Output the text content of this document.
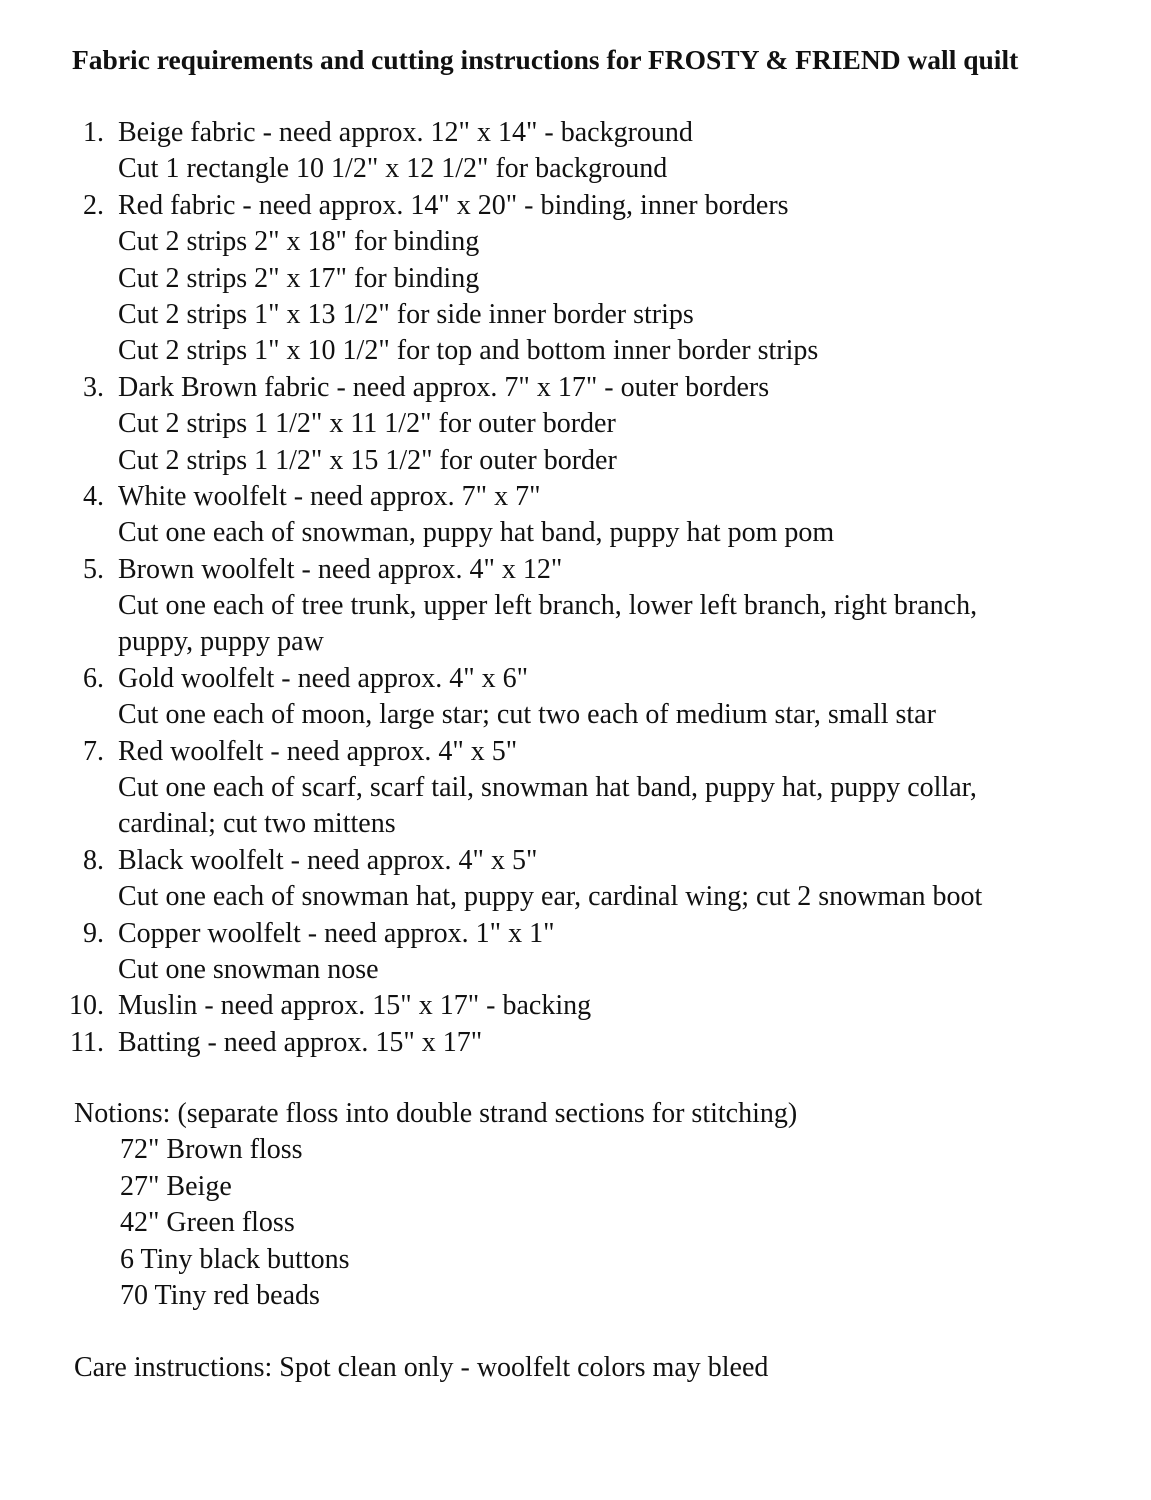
Fabric requirements and cutting instructions for FROSTY & FRIEND wall quilt
1. Beige fabric - need approx. 12" x 14" - background
Cut 1 rectangle 10 1/2" x 12 1/2" for background
2. Red fabric - need approx. 14" x 20" - binding, inner borders
Cut 2 strips 2" x 18" for binding
Cut 2 strips 2" x 17" for binding
Cut 2 strips 1" x 13 1/2" for side inner border strips
Cut 2 strips 1" x 10 1/2" for top and bottom inner border strips
3. Dark Brown fabric - need approx. 7" x 17" - outer borders
Cut 2 strips 1 1/2" x 11 1/2" for outer border
Cut 2 strips 1 1/2" x 15 1/2" for outer border
4. White woolfelt - need approx. 7" x 7"
Cut one each of snowman, puppy hat band, puppy hat pom pom
5. Brown woolfelt - need approx. 4" x 12"
Cut one each of tree trunk, upper left branch, lower left branch, right branch,
puppy, puppy paw
6. Gold woolfelt - need approx. 4" x 6"
Cut one each of moon, large star; cut two each of medium star, small star
7. Red woolfelt - need approx. 4" x 5"
Cut one each of scarf, scarf tail, snowman hat band, puppy hat, puppy collar,
cardinal; cut two mittens
8. Black woolfelt - need approx. 4" x 5"
Cut one each of snowman hat, puppy ear, cardinal wing; cut 2 snowman boot
9. Copper woolfelt - need approx. 1" x 1"
Cut one snowman nose
10. Muslin - need approx. 15" x 17" - backing
11. Batting - need approx. 15" x 17"
Notions: (separate floss into double strand sections for stitching)
72" Brown floss
27" Beige
42" Green floss
6 Tiny black buttons
70 Tiny red beads
Care instructions: Spot clean only - woolfelt colors may bleed
